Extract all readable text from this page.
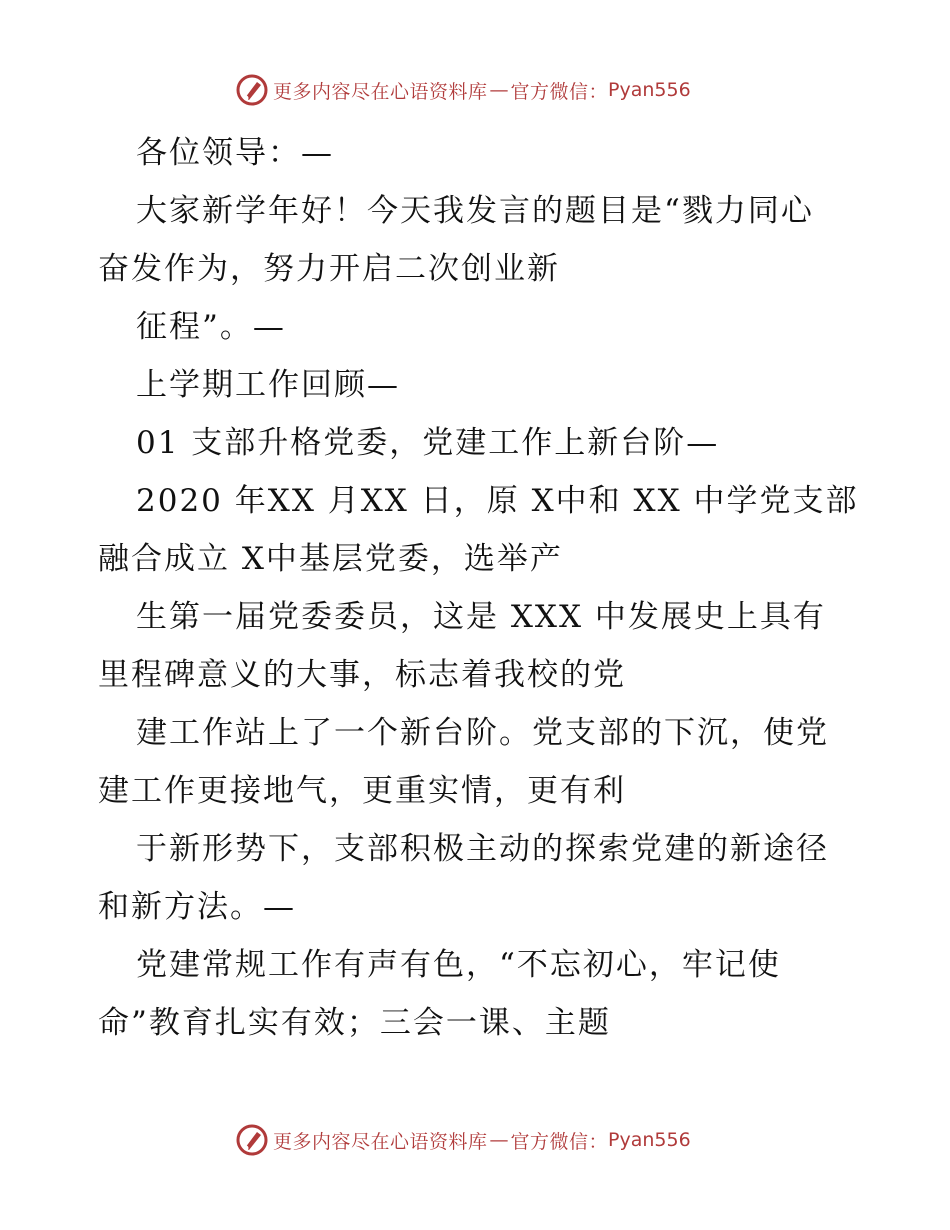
更多内容尽在心语资料库 — 官方微信： Pyan556
各位领导：—
大家新学年好！今天我发言的题目是“戮力同心
奋发作为，努力开启二次创业新
征程”。—
上学期工作回顾—
01 支部升格党委，党建工作上新台阶—
2020 年XX 月XX 日，原 X中和 XX 中学党支部
融合成立 X中基层党委，选举产
生第一届党委委员，这是 XXX 中发展史上具有
里程碑意义的大事，标志着我校的党
建工作站上了一个新台阶。党支部的下沉，使党
建工作更接地气，更重实情，更有利
于新形势下，支部积极主动的探索党建的新途径
和新方法。—
党建常规工作有声有色，“不忘初心，牢记使
命”教育扎实有效；三会一课、主题
更多内容尽在心语资料库 — 官方微信： Pyan556
